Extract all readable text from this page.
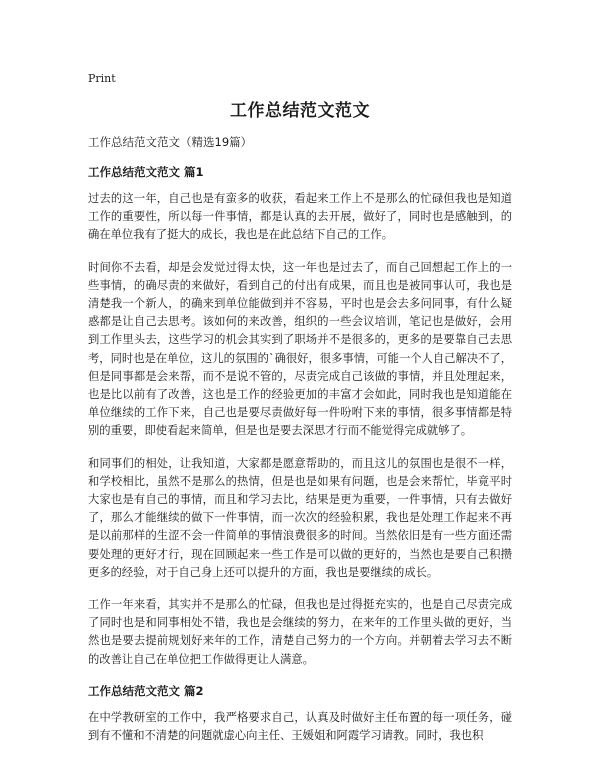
Print
工作总结范文范文
工作总结范文范文（精选19篇）
工作总结范文范文 篇1

过去的这一年，自己也是有蛮多的收获，看起来工作上不是那么的忙碌但我也是知道工作的重要性，所以每一件事情，都是认真的去开展，做好了，同时也是感触到，的确在单位我有了挺大的成长，我也是在此总结下自己的工作。

时间你不去看，却是会发觉过得太快，这一年也是过去了，而自己回想起工作上的一些事情，的确尽责的来做好，看到自己的付出有成果，而且也是被同事认可，我也是清楚我一个新人，的确来到单位能做到并不容易，平时也是会去多问同事，有什么疑惑都是让自己去思考。该如何的来改善，组织的一些会议培训，笔记也是做好，会用到工作里头去，这些学习的机会其实到了职场并不是很多的，更多的是要靠自己去思考，同时也是在单位，这儿的氛围的`确很好，很多事情，可能一个人自己解决不了，但是同事都是会来帮，而不是说不管的，尽责完成自己该做的事情，并且处理起来，也是比以前有了改善，这也是工作的经验更加的丰富才会如此，同时我也是知道能在单位继续的工作下来，自己也是要尽责做好每一件吩咐下来的事情，很多事情都是特别的重要，即使看起来简单，但是也是要去深思才行而不能觉得完成就够了。

和同事们的相处，让我知道，大家都是愿意帮助的，而且这儿的氛围也是很不一样，和学校相比，虽然不是那么的热情，但是也是如果有问题，也是会来帮忙，毕竟平时大家也是有自己的事情，而且和学习去比，结果是更为重要，一件事情，只有去做好了，那么才能继续的做下一件事情，而一次次的经验积累，我也是处理工作起来不再是以前那样的生涩不会一件简单的事情浪费很多的时间。当然依旧是有一些方面还需要处理的更好才行，现在回顾起来一些工作是可以做的更好的，当然也是要自己积攒更多的经验，对于自己身上还可以提升的方面，我也是要继续的成长。

工作一年来看，其实并不是那么的忙碌，但我也是过得挺充实的，也是自己尽责完成了同时也是和同事相处不错，我也是会继续的努力，在来年的工作里头做的更好，当然也是要去提前规划好来年的工作，清楚自己努力的一个方向。并朝着去学习去不断的改善让自己在单位把工作做得更让人满意。

工作总结范文范文 篇2

在中学教研室的工作中，我严格要求自己，认真及时做好主任布置的每一项任务，碰到有不懂和不清楚的问题就虚心向主任、王媛姐和阿霞学习请教。同时，我也积
